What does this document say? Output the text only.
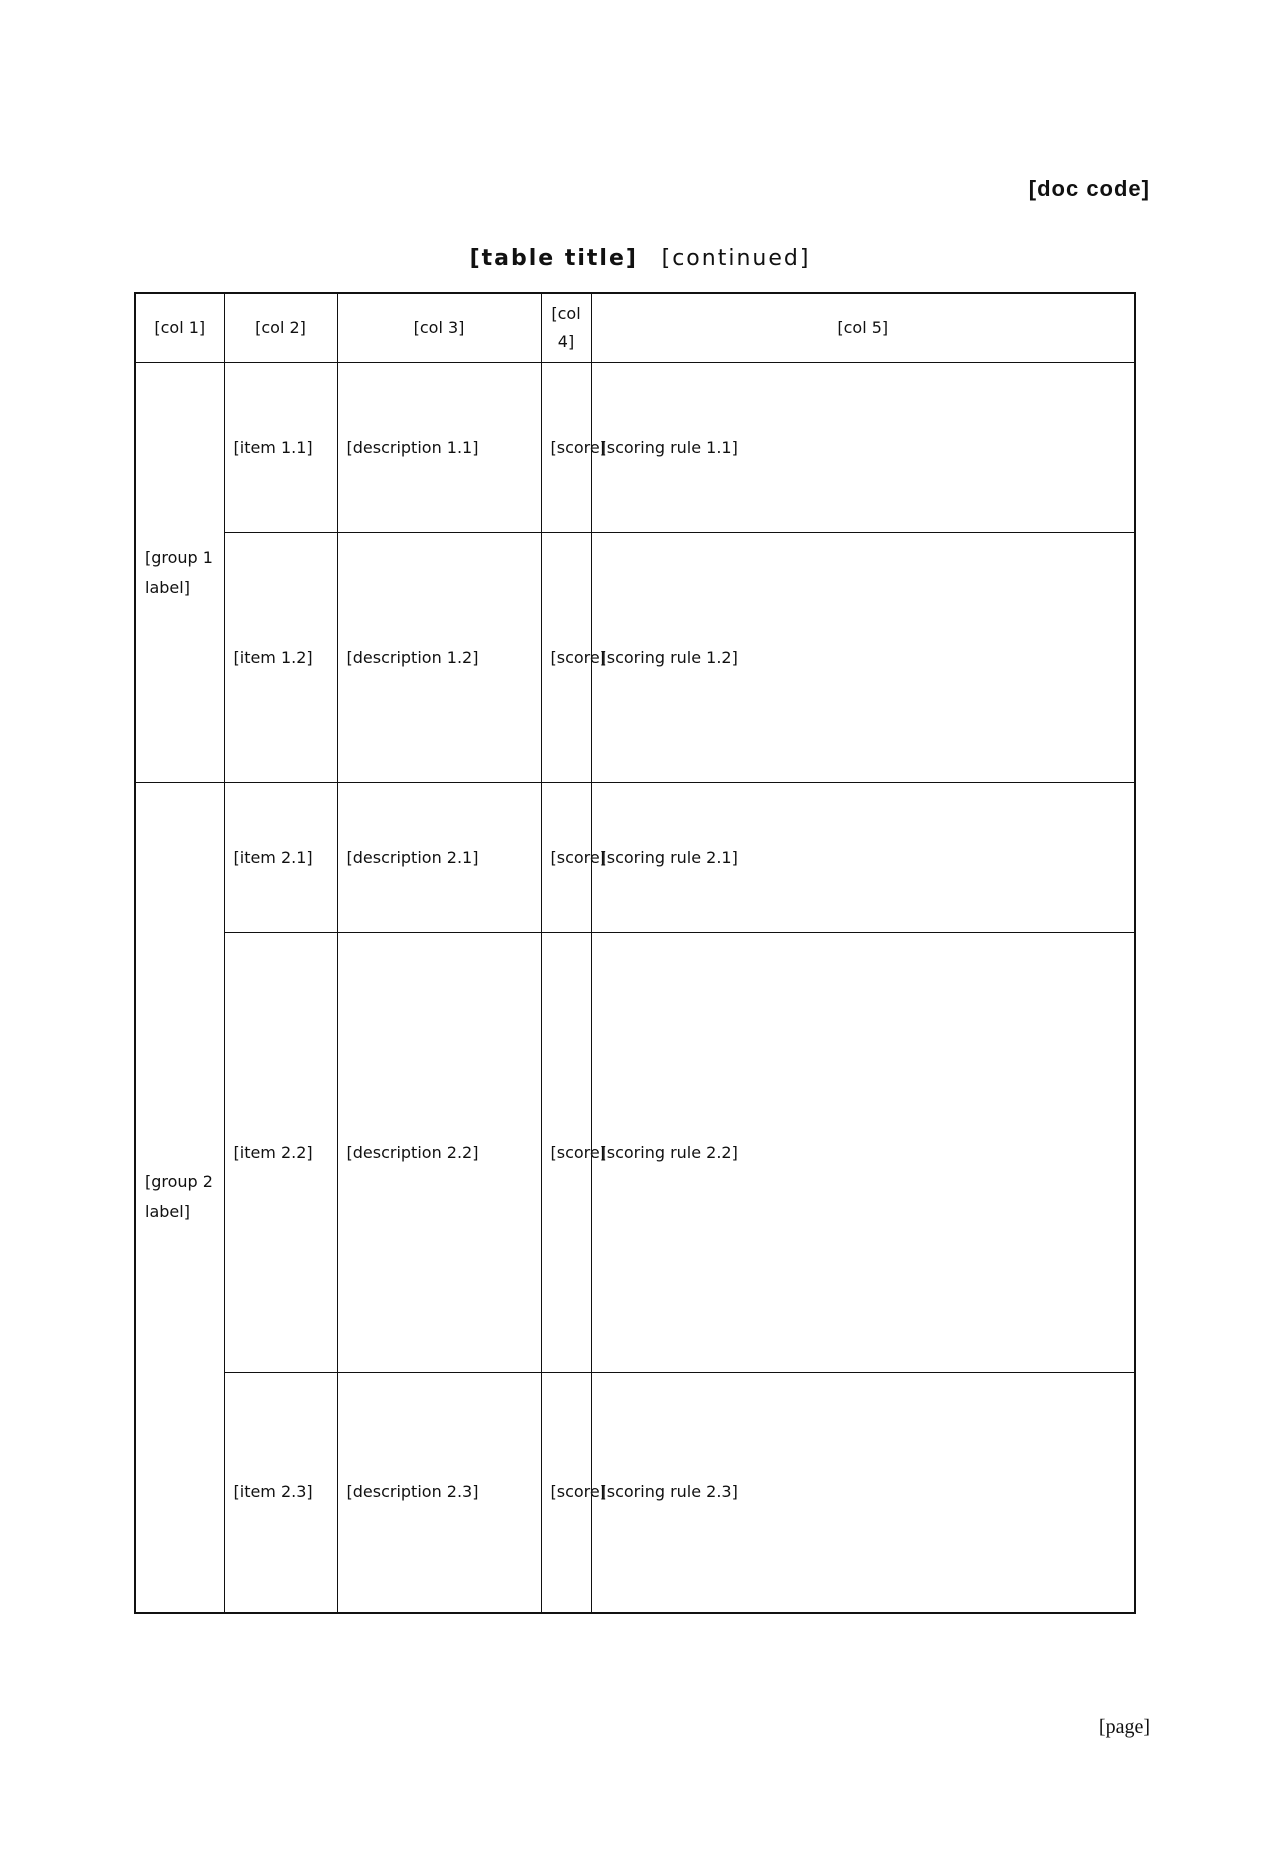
[doc code]
[table title] [continued]
[col 1]	[col 2]	[col 3]	[col 4]	[col 5]
[group 1 label]	[item 1.1]	[description 1.1]	[score]	[scoring rule 1.1]
	[item 1.2]	[description 1.2]	[score]	[scoring rule 1.2]
[group 2 label]	[item 2.1]	[description 2.1]	[score]	[scoring rule 2.1]
	[item 2.2]	[description 2.2]	[score]	[scoring rule 2.2]
	[item 2.3]	[description 2.3]	[score]	[scoring rule 2.3]
[page]
